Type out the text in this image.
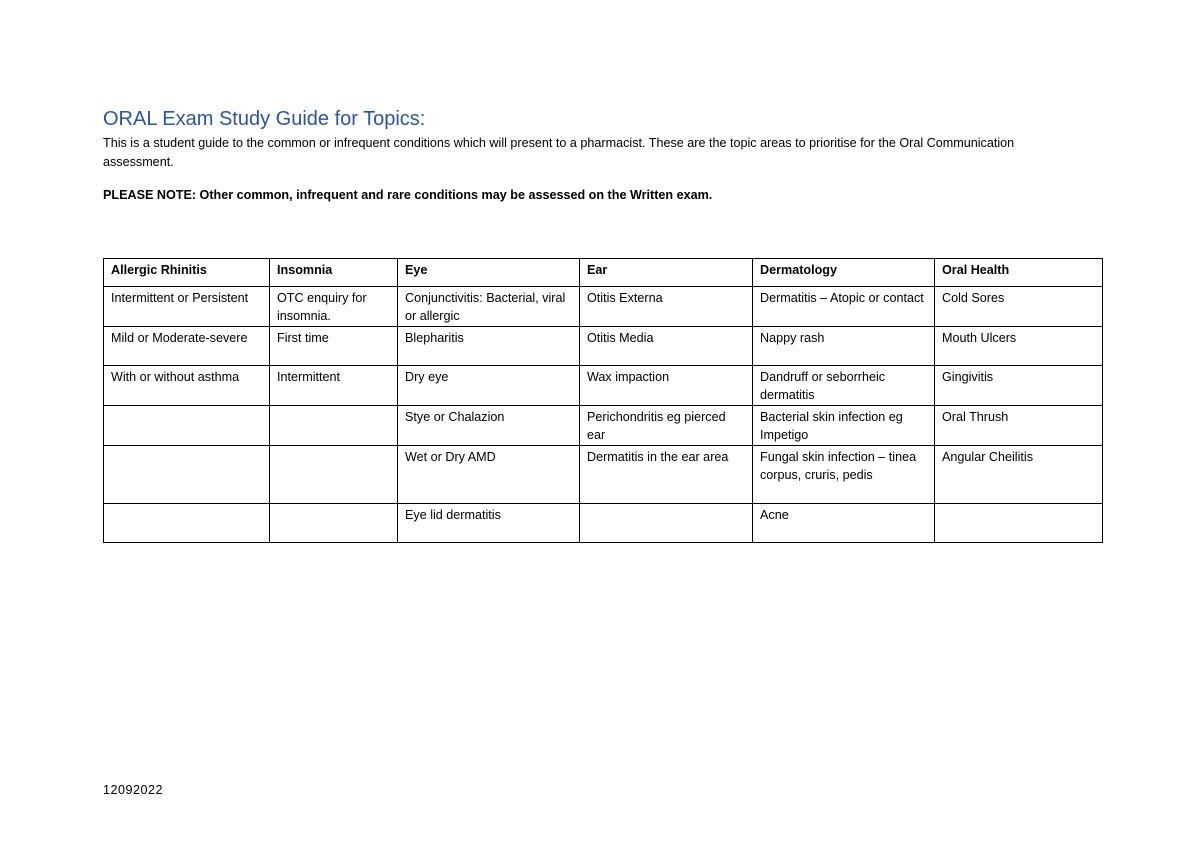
ORAL Exam Study Guide for Topics:

This is a student guide to the common or infrequent conditions which will present to a pharmacist. These are the topic areas to prioritise for the Oral Communication assessment.

PLEASE NOTE: Other common, infrequent and rare conditions may be assessed on the Written exam.

Allergic Rhinitis	Insomnia	Eye	Ear	Dermatology	Oral Health
Intermittent or Persistent	OTC enquiry for insomnia.	Conjunctivitis: Bacterial, viral or allergic	Otitis Externa	Dermatitis – Atopic or contact	Cold Sores
Mild or Moderate-severe	First time	Blepharitis	Otitis Media	Nappy rash	Mouth Ulcers
With or without asthma	Intermittent	Dry eye	Wax impaction	Dandruff or seborrheic dermatitis	Gingivitis
		Stye or Chalazion	Perichondritis eg pierced ear	Bacterial skin infection eg Impetigo	Oral Thrush
		Wet or Dry AMD	Dermatitis in the ear area	Fungal skin infection – tinea corpus, cruris, pedis	Angular Cheilitis
		Eye lid dermatitis		Acne	

12092022
